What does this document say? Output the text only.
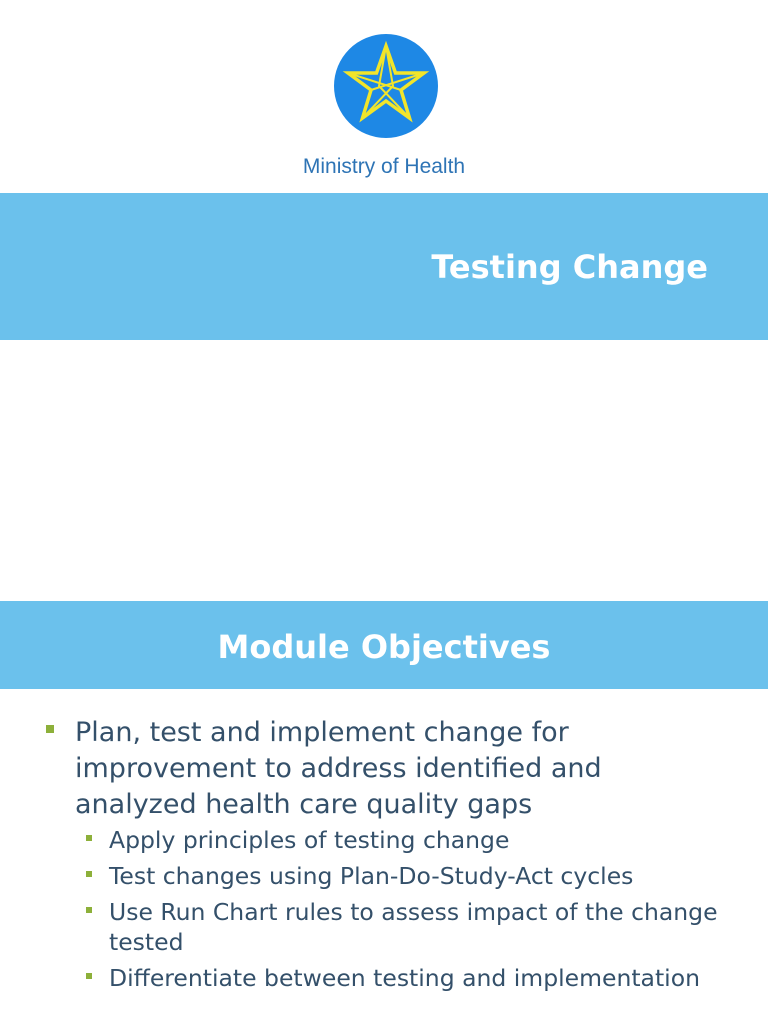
Ministry of Health
Testing Change
Module Objectives
Plan, test and implement change for improvement to address identified and analyzed health care quality gaps
Apply principles of testing change
Test changes using Plan-Do-Study-Act cycles
Use Run Chart rules to assess impact of the change tested
Differentiate between testing and implementation
